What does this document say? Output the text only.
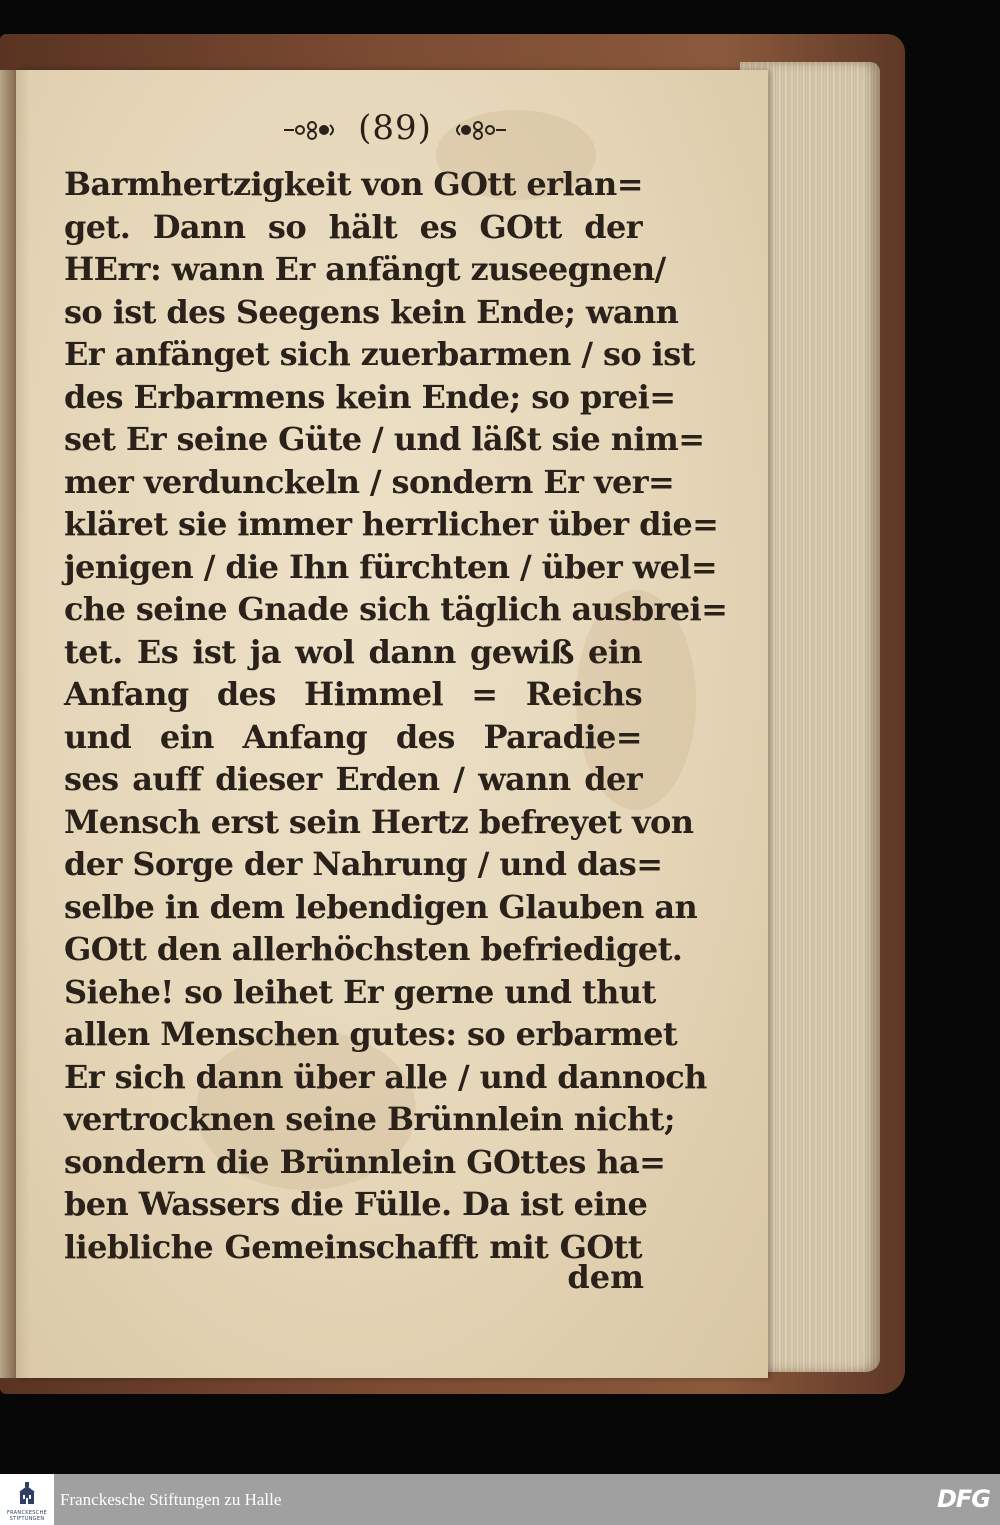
(89)
Barmhertzigkeit von GOtt erlan=
get. Dann so hält es GOtt der
HErr: wann Er anfängt zuseegnen/
so ist des Seegens kein Ende; wann
Er anfänget sich zuerbarmen / so ist
des Erbarmens kein Ende; so prei=
set Er seine Güte / und läßt sie nim=
mer verdunckeln / sondern Er ver=
kläret sie immer herrlicher über die=
jenigen / die Ihn fürchten / über wel=
che seine Gnade sich täglich ausbrei=
tet. Es ist ja wol dann gewiß ein
Anfang des Himmel = Reichs
und ein Anfang des Paradie=
ses auff dieser Erden / wann der
Mensch erst sein Hertz befreyet von
der Sorge der Nahrung / und das=
selbe in dem lebendigen Glauben an
GOtt den allerhöchsten befriediget.
Siehe! so leihet Er gerne und thut
allen Menschen gutes: so erbarmet
Er sich dann über alle / und dannoch
vertrocknen seine Brünnlein nicht;
sondern die Brünnlein GOttes ha=
ben Wassers die Fülle. Da ist eine
liebliche Gemeinschafft mit GOtt
dem
FRANCKESCHE
STIFTUNGEN
Franckesche Stiftungen zu Halle	DFG
